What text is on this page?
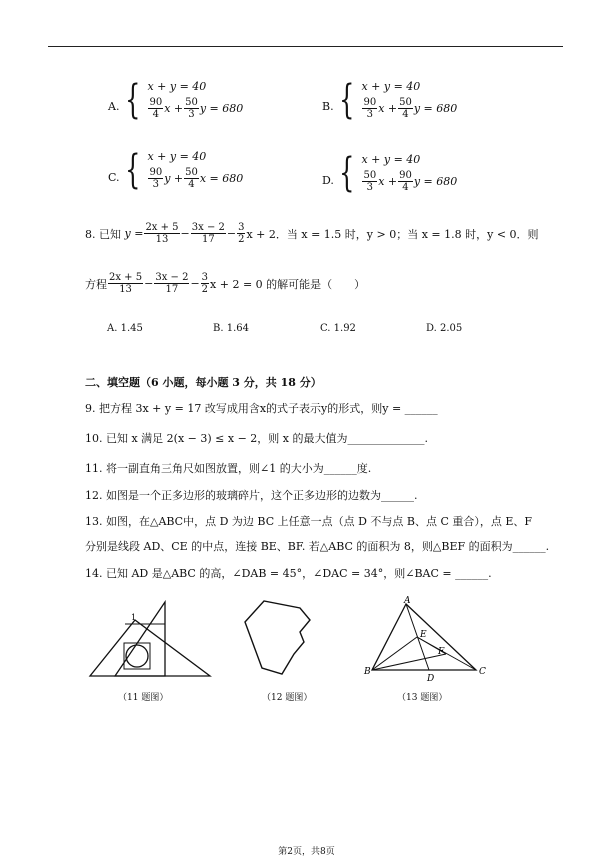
A. { x + y = 40
$\frac{90}{4}$ $x + \frac{50}{3}$ y = 680	B. { x + y = 40
$\frac{90}{3}$ $x + \frac{50}{4}$ y = 680
C. { x + y = 40
$\frac{90}{3}$ $y + \frac{50}{4}$ x = 680	D. { x + y = 40
$\frac{50}{3}$ $x + \frac{90}{4}$ y = 680
8. 已知
$y = \frac{2x + 5}{13} - \frac{3x - 2}{17} - \frac{3}{2}$ x + 2．当 x = 1.5 时，y > 0；当 x = 1.8 时，y < 0．则
方程 $\frac{2x + 5}{13} - \frac{3x - 2}{17} - \frac{3}{2}$ x + 2 = 0 的解可能是（　　）
A. 1.45	B. 1.64	C. 1.92	D. 2.05
二、填空题（6 小题，每小题 3 分，共 18 分）
9. 把方程 3x + y = 17 改写成用含x的式子表示y的形式，则y = ______
10. 已知 x 满足 2(x − 3) ≤ x − 2，则 x 的最大值为______________.
11. 将一副直角三角尺如图放置，则∠1 的大小为______度.
12. 如图是一个正多边形的玻璃碎片，这个正多边形的边数为______.
13. 如图，在△ABC中，点 D 为边 BC 上任意一点（点 D 不与点 B、点 C 重合），点 E、F
分别是线段 AD、CE 的中点，连接 BE、BF. 若△ABC 的面积为 8，则△BEF 的面积为______.
14. 已知 AD 是△ABC 的高，∠DAB = 45°，∠DAC = 34°，则∠BAC = ______.
1
（11 题图）	（12 题图）
A
B	C
D
E
F
（13 题图）
第2页，共8页
